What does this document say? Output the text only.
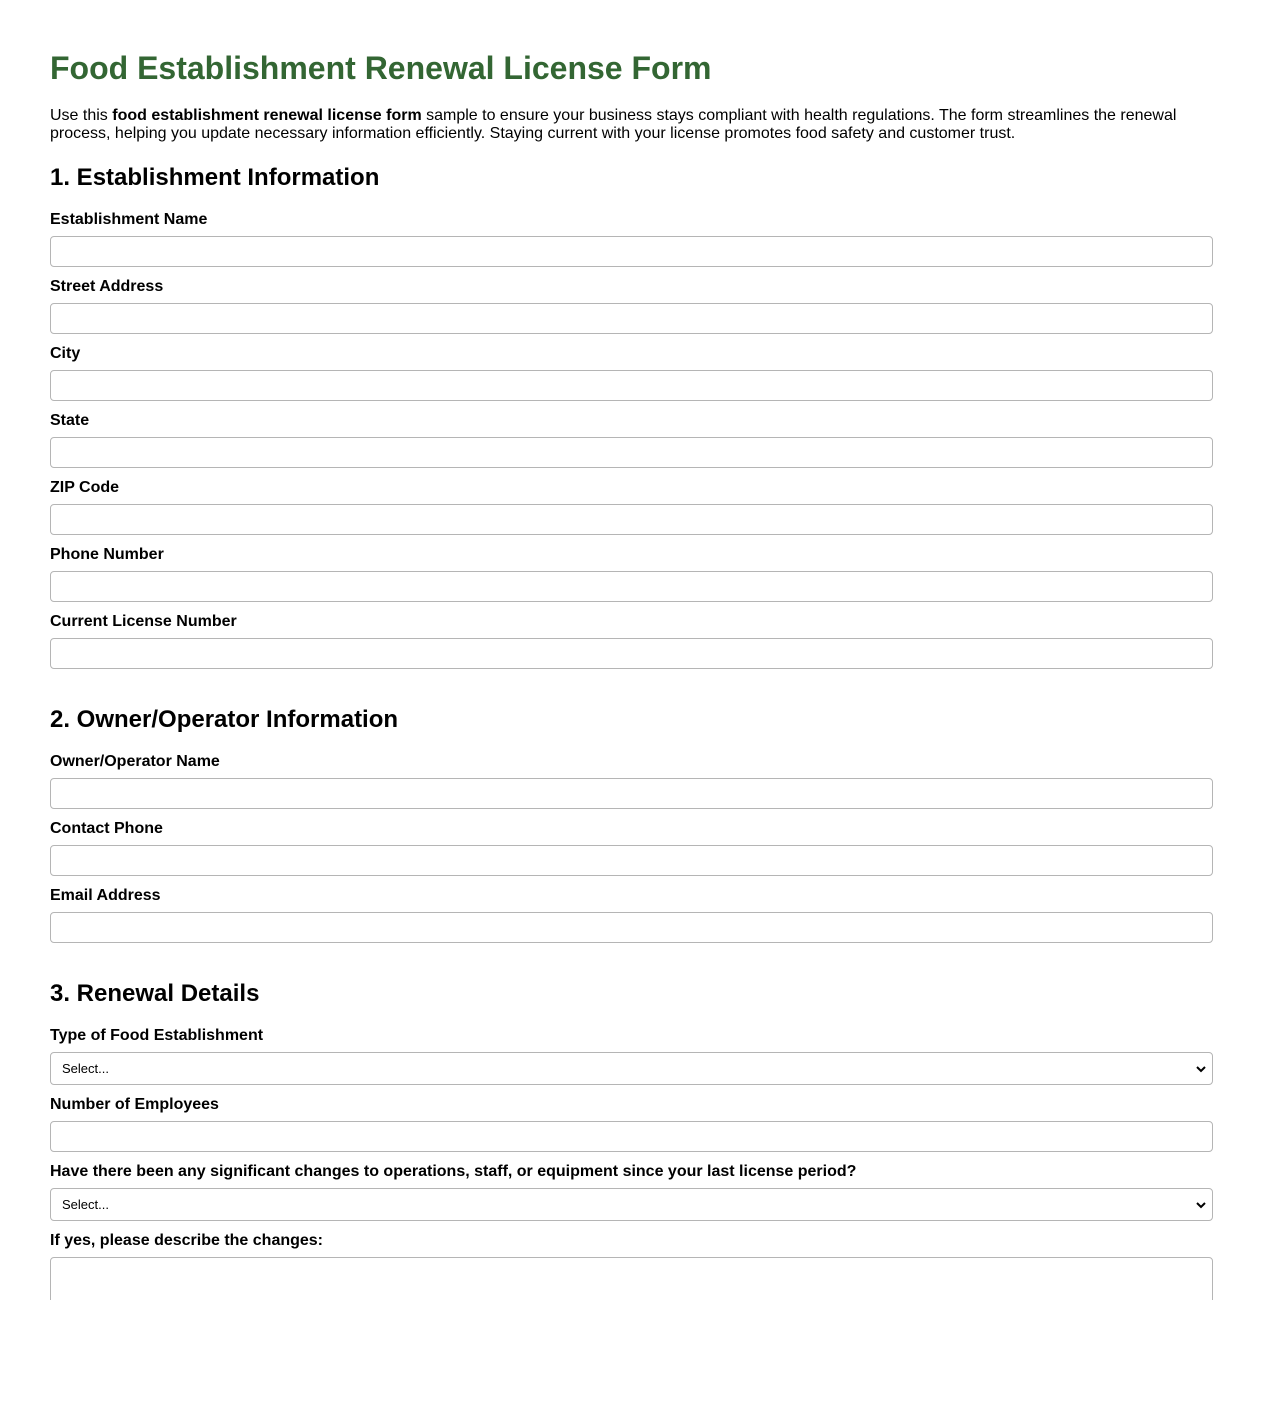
Food Establishment Renewal License Form

Use this food establishment renewal license form sample to ensure your business stays compliant with health regulations. The form streamlines the renewal process, helping you update necessary information efficiently. Staying current with your license promotes food safety and customer trust.

1. Establishment Information
Establishment Name
Street Address
City
State
ZIP Code
Phone Number
Current License Number
2. Owner/Operator Information
Owner/Operator Name
Contact Phone
Email Address
3. Renewal Details
Type of Food Establishment
Select...
Number of Employees
Have there been any significant changes to operations, staff, or equipment since your last license period?
Select...
If yes, please describe the changes:
